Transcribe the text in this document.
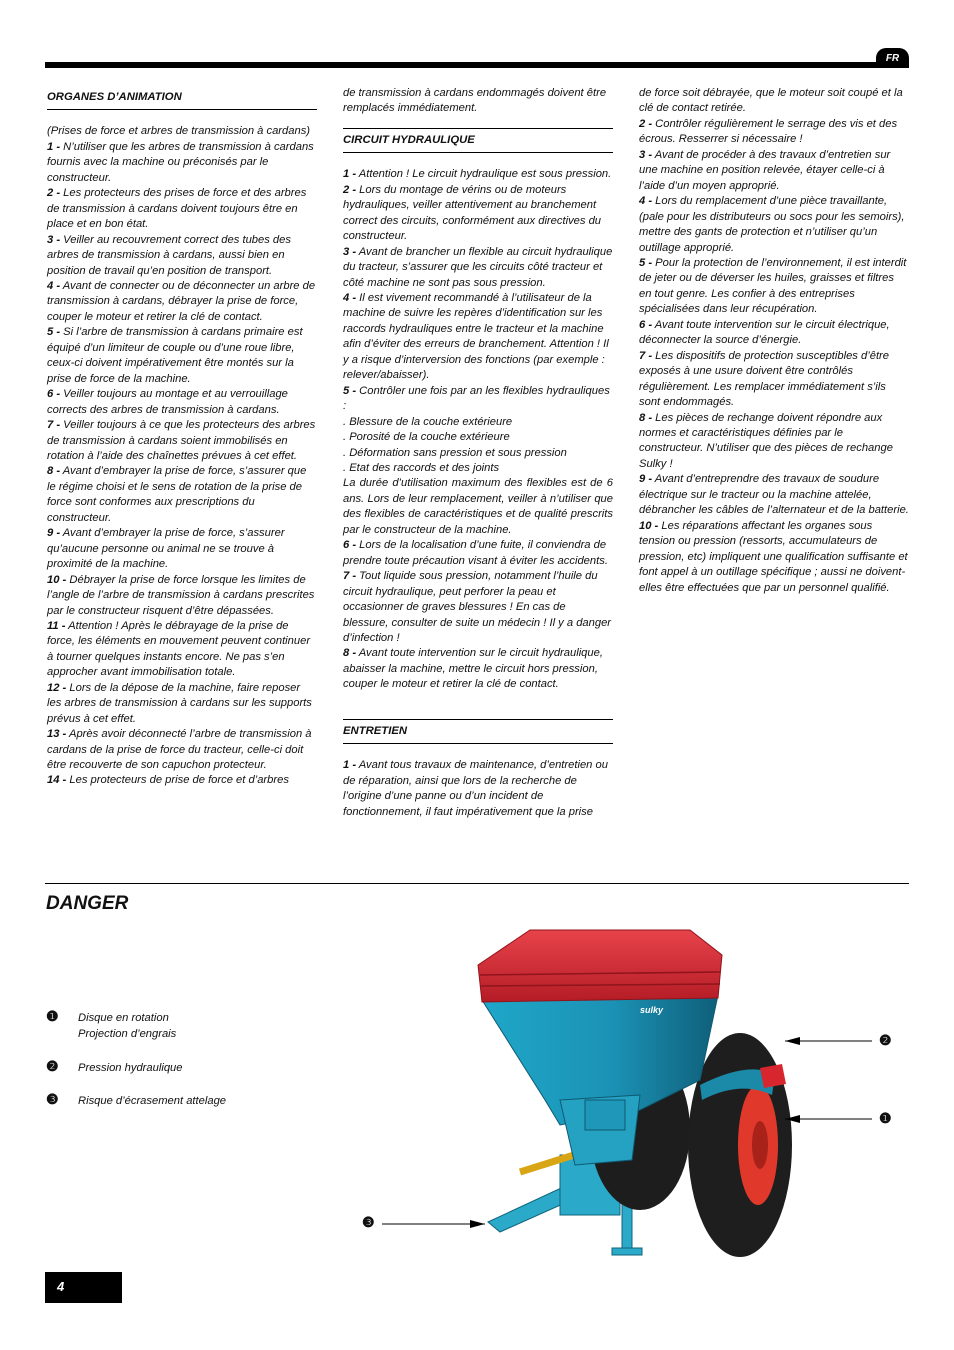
FR
ORGANES D’ANIMATION

(Prises de force et arbres de transmission à cardans)

1 - N’utiliser que les arbres de transmission à cardans fournis avec la machine ou préconisés par le constructeur.

2 - Les protecteurs des prises de force et des arbres de transmission à cardans doivent toujours être en place et en bon état.

3 - Veiller au recouvrement correct des tubes des arbres de transmission à cardans, aussi bien en position de travail qu’en position de transport.

4 - Avant de connecter ou de déconnecter un arbre de transmission à cardans, débrayer la prise de force, couper le moteur et retirer la clé de contact.

5 - Si l’arbre de transmission à cardans primaire est équipé d’un limiteur de couple ou d’une roue libre, ceux-ci doivent impérativement être montés sur la prise de force de la machine.

6 - Veiller toujours au montage et au verrouillage corrects des arbres de transmission à cardans.

7 - Veiller toujours à ce que les protecteurs des arbres de transmission à cardans soient immobilisés en rotation à l’aide des chaînettes prévues à cet effet.

8 - Avant d’embrayer la prise de force, s’assurer que le régime choisi et le sens de rotation de la prise de force sont conformes aux prescriptions du constructeur.

9 - Avant d’embrayer la prise de force, s’assurer qu’aucune personne ou animal ne se trouve à proximité de la machine.

10 - Débrayer la prise de force lorsque les limites de l’angle de l’arbre de transmission à cardans prescrites par le constructeur risquent d’être dépassées.

11 - Attention ! Après le débrayage de la prise de force, les éléments en mouvement peuvent continuer à tourner quelques instants encore. Ne pas s’en approcher avant immobilisation totale.

12 - Lors de la dépose de la machine, faire reposer les arbres de transmission à cardans sur les supports prévus à cet effet.

13 - Après avoir déconnecté l’arbre de transmission à cardans de la prise de force du tracteur, celle-ci doit être recouverte de son capuchon protecteur.

14 - Les protecteurs de prise de force et d’arbres

de transmission à cardans endommagés doivent être remplacés immédiatement.

CIRCUIT HYDRAULIQUE

1 - Attention ! Le circuit hydraulique est sous pression.

2 - Lors du montage de vérins ou de moteurs hydrauliques, veiller attentivement au branchement correct des circuits, conformément aux directives du constructeur.

3 - Avant de brancher un flexible au circuit hydraulique du tracteur, s’assurer que les circuits côté tracteur et côté machine ne sont pas sous pression.

4 - Il est vivement recommandé à l’utilisateur de la machine de suivre les repères d’identification sur les raccords hydrauliques entre le tracteur et la machine afin d’éviter des erreurs de branchement. Attention ! Il y a risque d’interversion des fonctions (par exemple : relever/abaisser).

5 - Contrôler une fois par an les flexibles hydrauliques :

. Blessure de la couche extérieure

. Porosité de la couche extérieure

. Déformation sans pression et sous pression

. Etat des raccords et des joints

La durée d’utilisation maximum des flexibles est de 6 ans. Lors de leur remplacement, veiller à n’utiliser que des flexibles de caractéristiques et de qualité prescrits par le constructeur de la machine.

6 - Lors de la localisation d’une fuite, il conviendra de prendre toute précaution visant à éviter les accidents.

7 - Tout liquide sous pression, notamment l’huile du circuit hydraulique, peut perforer la peau et occasionner de graves blessures ! En cas de blessure, consulter de suite un médecin ! Il y a danger d’infection !

8 - Avant toute intervention sur le circuit hydraulique, abaisser la machine, mettre le circuit hors pression, couper le moteur et retirer la clé de contact.

ENTRETIEN

1 - Avant tous travaux de maintenance, d’entretien ou de réparation, ainsi que lors de la recherche de l’origine d’une panne ou d’un incident de fonctionnement, il faut impérativement que la prise

de force soit débrayée, que le moteur soit coupé et la clé de contact retirée.

2 - Contrôler régulièrement le serrage des vis et des écrous. Resserrer si nécessaire !

3 - Avant de procéder à des travaux d’entretien sur une machine en position relevée, étayer celle-ci à l’aide d’un moyen approprié.

4 - Lors du remplacement d’une pièce travaillante, (pale pour les distributeurs ou socs pour les semoirs), mettre des gants de protection et n’utiliser qu’un outillage approprié.

5 - Pour la protection de l’environnement, il est interdit de jeter ou de déverser les huiles, graisses et filtres en tout genre. Les confier à des entreprises spécialisées dans leur récupération.

6 - Avant toute intervention sur le circuit électrique, déconnecter la source d’énergie.

7 - Les dispositifs de protection susceptibles d’être exposés à une usure doivent être contrôlés régulièrement. Les remplacer immédiatement s’ils sont endommagés.

8 - Les pièces de rechange doivent répondre aux normes et caractéristiques définies par le constructeur. N’utiliser que des pièces de rechange Sulky !

9 - Avant d’entreprendre des travaux de soudure électrique sur le tracteur ou la machine attelée, débrancher les câbles de l’alternateur et de la batterie.

10 - Les réparations affectant les organes sous tension ou pression (ressorts, accumulateurs de pression, etc) impliquent une qualification suffisante et font appel à un outillage spécifique ; aussi ne doivent-elles être effectuées que par un personnel qualifié.

DANGER
❶ Disque en rotation
Projection d’engrais
❷ Pression hydraulique
❸ Risque d’écrasement attelage
sulky
❷
❶
❸
4
